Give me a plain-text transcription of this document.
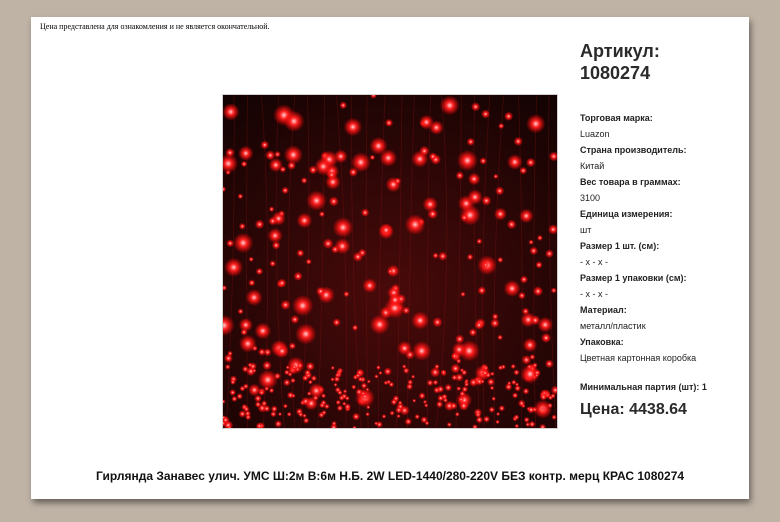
Цена представлена для ознакомления и не является окончательной.
Артикул:
1080274
Торговая марка:
Luazon
Страна производитель:
Китай
Вес товара в граммах:
3100
Единица измерения:
шт
Размер 1 шт. (см):
- x - x -
Размер 1 упаковки (см):
- x - x -
Материал:
металл/пластик
Упаковка:
Цветная картонная коробка
Минимальная партия (шт): 1
Цена: 4438.64
Гирлянда Занавес улич. УМС Ш:2м В:6м Н.Б. 2W LED-1440/280-220V БЕЗ контр. мерц КРАС 1080274
